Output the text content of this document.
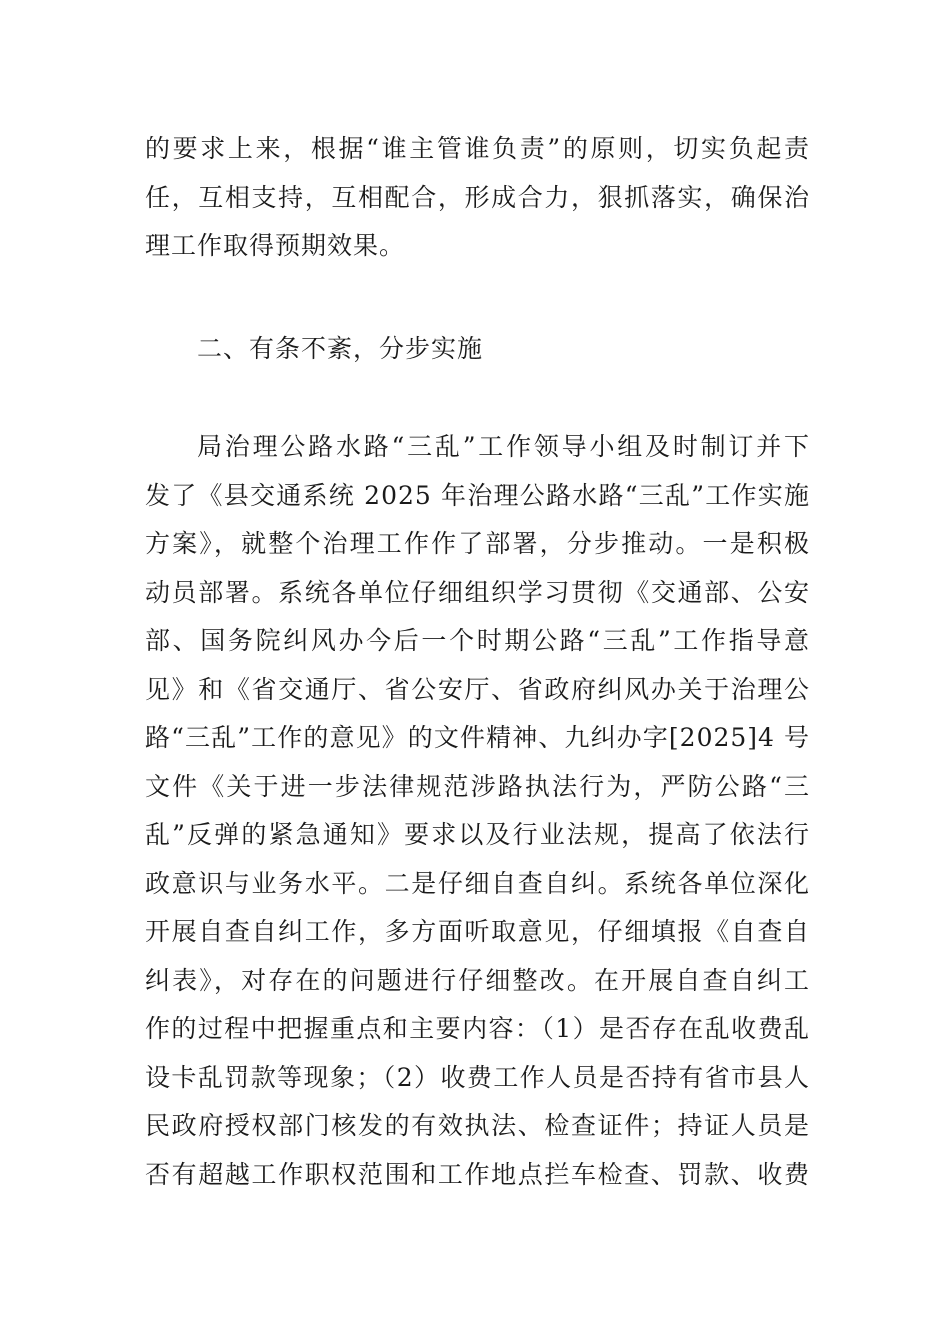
的要求上来，根据“谁主管谁负责”的原则，切实负起责
任，互相支持，互相配合，形成合力，狠抓落实，确保治
理工作取得预期效果。
二、有条不紊，分步实施
局治理公路水路“三乱”工作领导小组及时制订并下
发了《县交通系统 2025 年治理公路水路“三乱”工作实施
方案》，就整个治理工作作了部署，分步推动。一是积极
动员部署。系统各单位仔细组织学习贯彻《交通部、公安
部、国务院纠风办今后一个时期公路“三乱”工作指导意
见》和《省交通厅、省公安厅、省政府纠风办关于治理公
路“三乱”工作的意见》的文件精神、九纠办字[2025]4 号
文件《关于进一步法律规范涉路执法行为，严防公路“三
乱”反弹的紧急通知》要求以及行业法规，提高了依法行
政意识与业务水平。二是仔细自查自纠。系统各单位深化
开展自查自纠工作，多方面听取意见，仔细填报《自查自
纠表》，对存在的问题进行仔细整改。在开展自查自纠工
作的过程中把握重点和主要内容：（1）是否存在乱收费乱
设卡乱罚款等现象；（2）收费工作人员是否持有省市县人
民政府授权部门核发的有效执法、检查证件；持证人员是
否有超越工作职权范围和工作地点拦车检查、罚款、收费
